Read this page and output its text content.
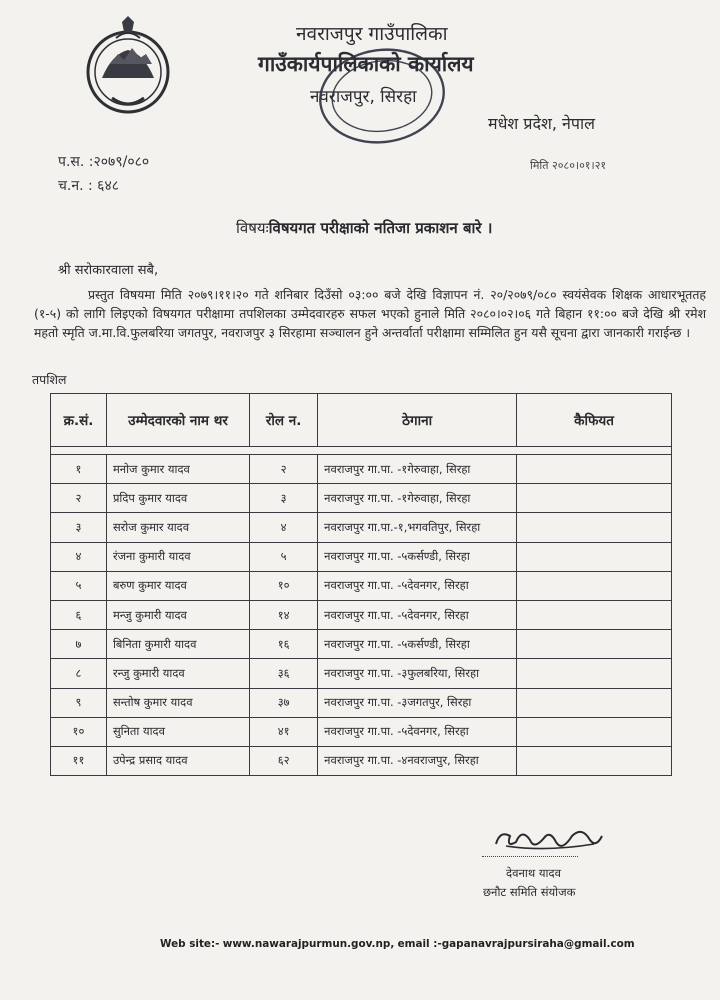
नवराजपुर गाउँपालिका
गाउँकार्यपालिकाको कार्यालय
नवराजपुर, सिरहा
मधेश प्रदेश, नेपाल
प.स. :२०७९/०८०
च.न. : ६४८
मिति २०८०।०१।२१
विषयःविषयगत परीक्षाको नतिजा प्रकाशन बारे ।
श्री सरोकारवाला सबै,
प्रस्तुत विषयमा मिति २०७९।११।२० गते शनिबार दिउँसो ०३:०० बजे देखि विज्ञापन नं. २०/२०७९/०८० स्वयंसेवक शिक्षक आधारभूततह (१-५) को लागि लिइएको विषयगत परीक्षामा तपशिलका उम्मेदवारहरु सफल भएको हुनाले मिति २०८०।०२।०६ गते बिहान ११:०० बजे देखि श्री रमेश महतो स्मृति ज.मा.वि.फुलबरिया जगतपुर, नवराजपुर ३ सिरहामा सञ्चालन हुने अन्तर्वार्ता परीक्षामा सम्मिलित हुन यसै सूचना द्वारा जानकारी गराईन्छ ।
तपशिल
क्र.सं.	उम्मेदवारको नाम थर	रोल न.	ठेगाना	कैफियत

१	मनोज कुमार यादव	२	नवराजपुर गा.पा. -१गेरुवाहा, सिरहा	
२	प्रदिप कुमार यादव	३	नवराजपुर गा.पा. -१गेरुवाहा, सिरहा	
३	सरोज कुमार यादव	४	नवराजपुर गा.पा.-१,भगवतिपुर, सिरहा	
४	रंजना कुमारी यादव	५	नवराजपुर गा.पा. -५कर्सण्डी, सिरहा	
५	बरुण कुमार यादव	१०	नवराजपुर गा.पा. -५देवनगर, सिरहा	
६	मन्जु कुमारी यादव	१४	नवराजपुर गा.पा. -५देवनगर, सिरहा	
७	बिनिता कुमारी यादव	१६	नवराजपुर गा.पा. -५कर्सण्डी, सिरहा	
८	रन्जु कुमारी यादव	३६	नवराजपुर गा.पा. -३फुलबरिया, सिरहा	
९	सन्तोष कुमार यादव	३७	नवराजपुर गा.पा. -३जगतपुर, सिरहा	
१०	सुनिता यादव	४१	नवराजपुर गा.पा. -५देवनगर, सिरहा	
११	उपेन्द्र प्रसाद यादव	६२	नवराजपुर गा.पा. -४नवराजपुर, सिरहा	
देवनाथ यादव
छनौट समिति संयोजक
Web site:- www.nawarajpurmun.gov.np, email :-gapanavrajpursiraha@gmail.com
